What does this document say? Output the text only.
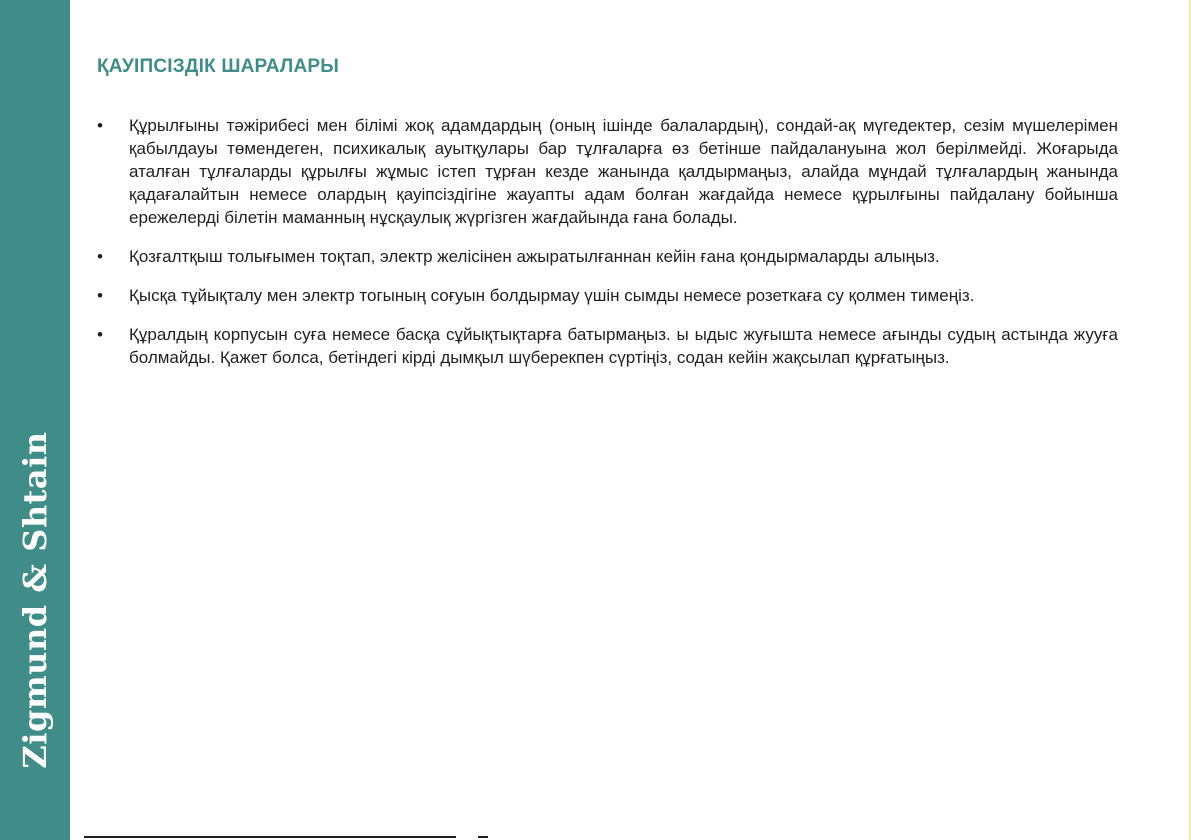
Zigmund & Shtain
ҚАУІПСІЗДІК ШАРАЛАРЫ
•	Құрылғыны тәжірибесі мен білімі жоқ адамдардың (оның ішінде балалардың), сондай-ақ мүгедектер, сезім мүшелерімен қабылдауы төмендеген, психикалық ауытқулары бар тұлғаларға өз бетінше пайдалануына жол берілмейді. Жоғарыда аталған тұлғаларды құрылғы жұмыс істеп тұрған кезде жанында қалдырмаңыз, алайда мұндай тұлғалардың жанында қадағалайтын немесе олардың қауіпсіздігіне жауапты адам болған жағдайда немесе құрылғыны пайдалану бойынша ережелерді білетін маманның нұсқаулық жүргізген жағдайында ғана болады.
•	Қозғалтқыш толығымен тоқтап, электр желісінен ажыратылғаннан кейін ғана қондырмаларды алыңыз.
•	Қысқа тұйықталу мен электр тогының соғуын болдырмау үшін сымды немесе розеткаға су қолмен тимеңіз.
•	Құралдың корпусын суға немесе басқа сұйықтықтарға батырмаңыз. ы ыдыс жуғышта немесе ағынды судың астында жууға болмайды. Қажет болса, бетіндегі кірді дымқыл шүберекпен сүртіңіз, содан кейін жақсылап құрғатыңыз.
